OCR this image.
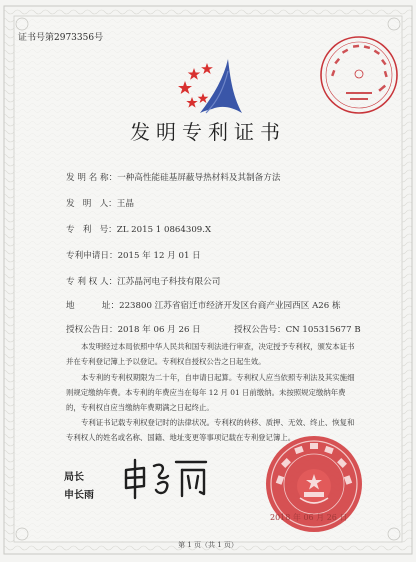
证书号第2973356号
发明专利证书
发 明 名 称：一种高性能硅基屏蔽导热材料及其制备方法
发   明   人：王晶
专   利   号：ZL 2015 1 0864309.X
专利申请日：2015 年 12 月 01 日
专 利 权 人：江苏晶河电子科技有限公司
地          址：223800 江苏省宿迁市经济开发区台商产业园西区 A26 栋
授权公告日：2018 年 06 月 26 日	授权公告号：CN 105315677 B
本发明经过本局依照中华人民共和国专利法进行审查，决定授予专利权，颁发本证书并在专利登记簿上予以登记。专利权自授权公告之日起生效。
本专利的专利权期限为二十年，自申请日起算。专利权人应当依照专利法及其实施细则规定缴纳年费。本专利的年费应当在每年 12 月 01 日前缴纳。未按照规定缴纳年费的，专利权自应当缴纳年费期满之日起终止。
专利证书记载专利权登记时的法律状况。专利权的转移、质押、无效、终止、恢复和专利权人的姓名或名称、国籍、地址变更等事项记载在专利登记簿上。
局长
申长雨
2018 年 06 月 26 日
第 1 页（共 1 页）
